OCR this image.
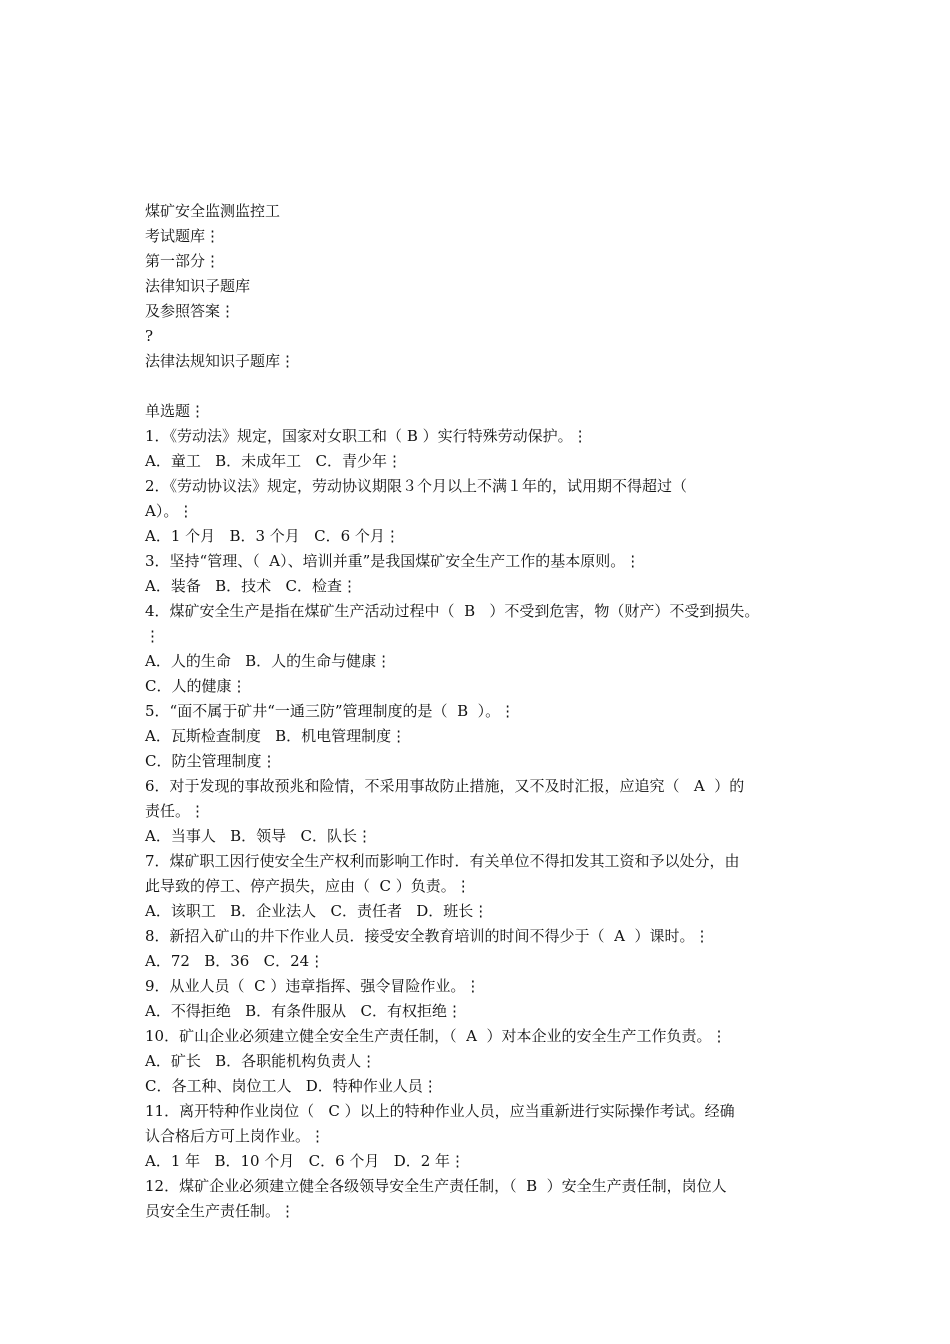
煤矿安全监测监控工
考试题库⋮
第一部分⋮
法律知识子题库
及参照答案⋮
?
法律法规知识子题库⋮
单选题⋮
1．《劳动法》规定，国家对女职工和（ B ）实行特殊劳动保护。⋮
A．童工   B．未成年工   C．青少年⋮
2．《劳动协议法》规定，劳动协议期限３个月以上不满１年的，试用期不得超过（
A）。⋮
A．1 个月   B．3 个月   C．6 个月⋮
3．坚持“管理、（  A）、培训并重”是我国煤矿安全生产工作的基本原则。⋮
A．装备   B．技术   C．检查⋮
4．煤矿安全生产是指在煤矿生产活动过程中（  B   ）不受到危害，物（财产）不受到损失。
⋮
A．人的生命   B．人的生命与健康⋮
C．人的健康⋮
5．“面不属于矿井“一通三防”管理制度的是（  B  ）。⋮
A．瓦斯检查制度   B．机电管理制度⋮
C．防尘管理制度⋮
6．对于发现的事故预兆和险情，不采用事故防止措施，又不及时汇报，应追究（   A  ）的
责任。⋮
A．当事人   B．领导   C．队长⋮
7．煤矿职工因行使安全生产权利而影响工作时．有关单位不得扣发其工资和予以处分，由
此导致的停工、停产损失，应由（  C ）负责。⋮
A．该职工   B．企业法人   C．责任者   D．班长⋮
8．新招入矿山的井下作业人员．接受安全教育培训的时间不得少于（  A  ）课时。⋮
A．72   B．36   C．24⋮
9．从业人员（  C ）违章指挥、强令冒险作业。⋮
A．不得拒绝   B．有条件服从   C．有权拒绝⋮
10．矿山企业必须建立健全安全生产责任制，（  A  ）对本企业的安全生产工作负责。⋮
A．矿长   B．各职能机构负责人⋮
C．各工种、岗位工人   D．特种作业人员⋮
11．离开特种作业岗位（   C ）以上的特种作业人员，应当重新进行实际操作考试。经确
认合格后方可上岗作业。⋮
A．1 年   B．10 个月   C．6 个月   D．2 年⋮
12．煤矿企业必须建立健全各级领导安全生产责任制，（  B  ）安全生产责任制，岗位人
员安全生产责任制。⋮
